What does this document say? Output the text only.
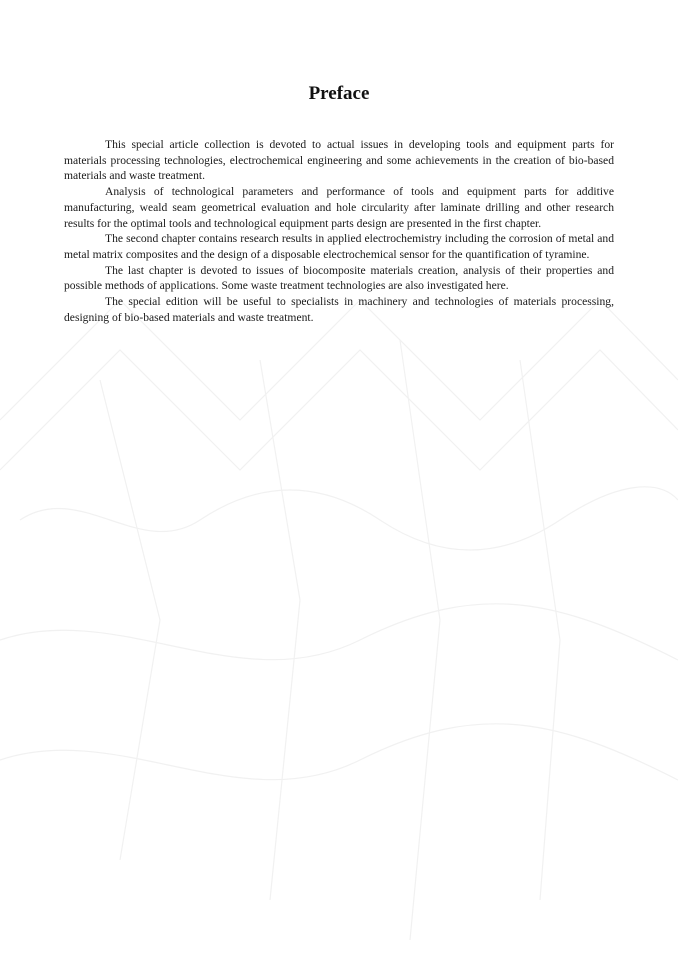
Preface

This special article collection is devoted to actual issues in developing tools and equipment parts for materials processing technologies, electrochemical engineering and some achievements in the creation of bio-based materials and waste treatment.

Analysis of technological parameters and performance of tools and equipment parts for additive manufacturing, weald seam geometrical evaluation and hole circularity after laminate drilling and other research results for the optimal tools and technological equipment parts design are presented in the first chapter.

The second chapter contains research results in applied electrochemistry including the corrosion of metal and metal matrix composites and the design of a disposable electrochemical sensor for the quantification of tyramine.

The last chapter is devoted to issues of biocomposite materials creation, analysis of their properties and possible methods of applications. Some waste treatment technologies are also investigated here.

The special edition will be useful to specialists in machinery and technologies of materials processing, designing of bio-based materials and waste treatment.
